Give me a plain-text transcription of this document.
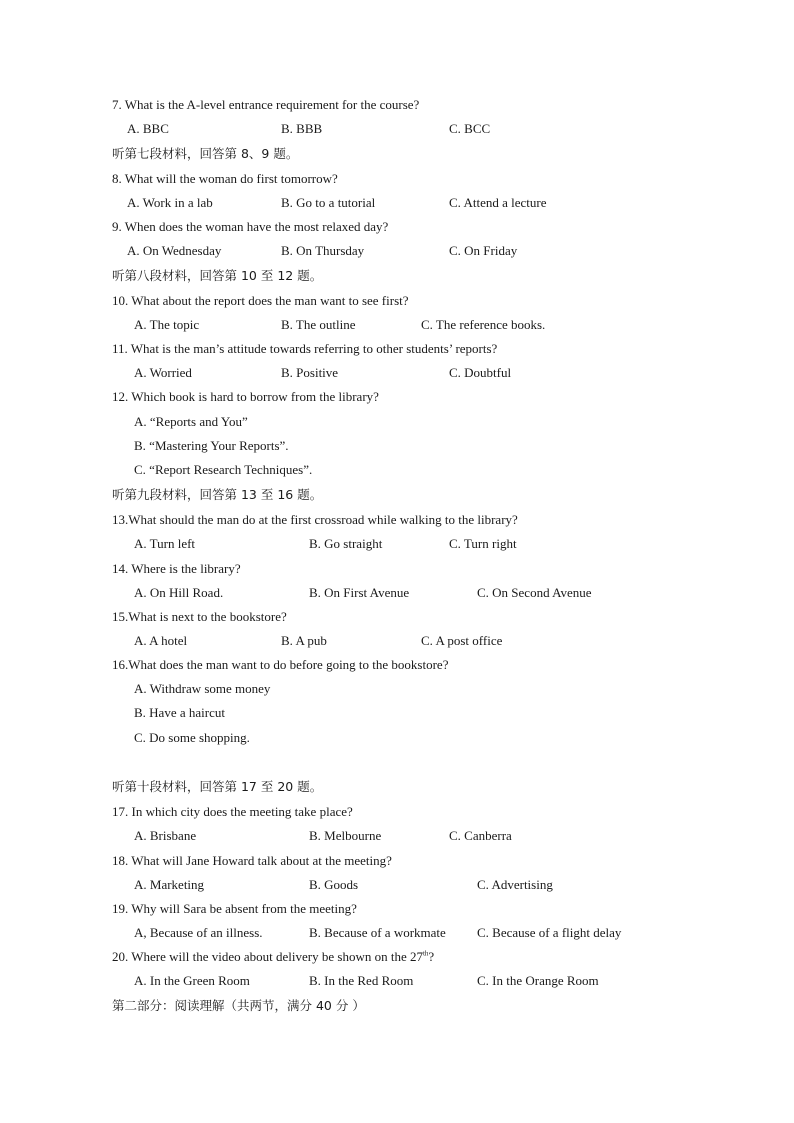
7. What is the A-level entrance requirement for the course?
A. BBC	B. BBB	C. BCC
听第七段材料，回答第 8、9 题。
8. What will the woman do first tomorrow?
A. Work in a lab	B. Go to a tutorial	C. Attend a lecture
9. When does the woman have the most relaxed day?
A. On Wednesday	B. On Thursday	C. On Friday
听第八段材料，回答第 10 至 12 题。
10. What about the report does the man want to see first?
A. The topic	B. The outline	C. The reference books.
11. What is the man’s attitude towards referring to other students’ reports?
A. Worried	B. Positive	C. Doubtful
12. Which book is hard to borrow from the library?
A. “Reports and You”
B. “Mastering Your Reports”.
C. “Report Research Techniques”.
听第九段材料，回答第 13 至 16 题。
13.What should the man do at the first crossroad while walking to the library?
A. Turn left	B. Go straight	C. Turn right
14. Where is the library?
A. On Hill Road.	B. On First Avenue	C. On Second Avenue
15.What is next to the bookstore?
A. A hotel	B. A pub	C. A post office
16.What does the man want to do before going to the bookstore?
A. Withdraw some money
B. Have a haircut
C. Do some shopping.
听第十段材料，回答第 17 至 20 题。
17. In which city does the meeting take place?
A. Brisbane	B. Melbourne	C. Canberra
18. What will Jane Howard talk about at the meeting?
A. Marketing	B. Goods	C. Advertising
19. Why will Sara be absent from the meeting?
A, Because of an illness.	B. Because of a workmate C. Because of a flight delay
20. Where will the video about delivery be shown on the 27th?
A. In the Green Room	B. In the Red Room	C. In the Orange Room
第二部分：阅读理解（共两节，满分 40 分 ）
